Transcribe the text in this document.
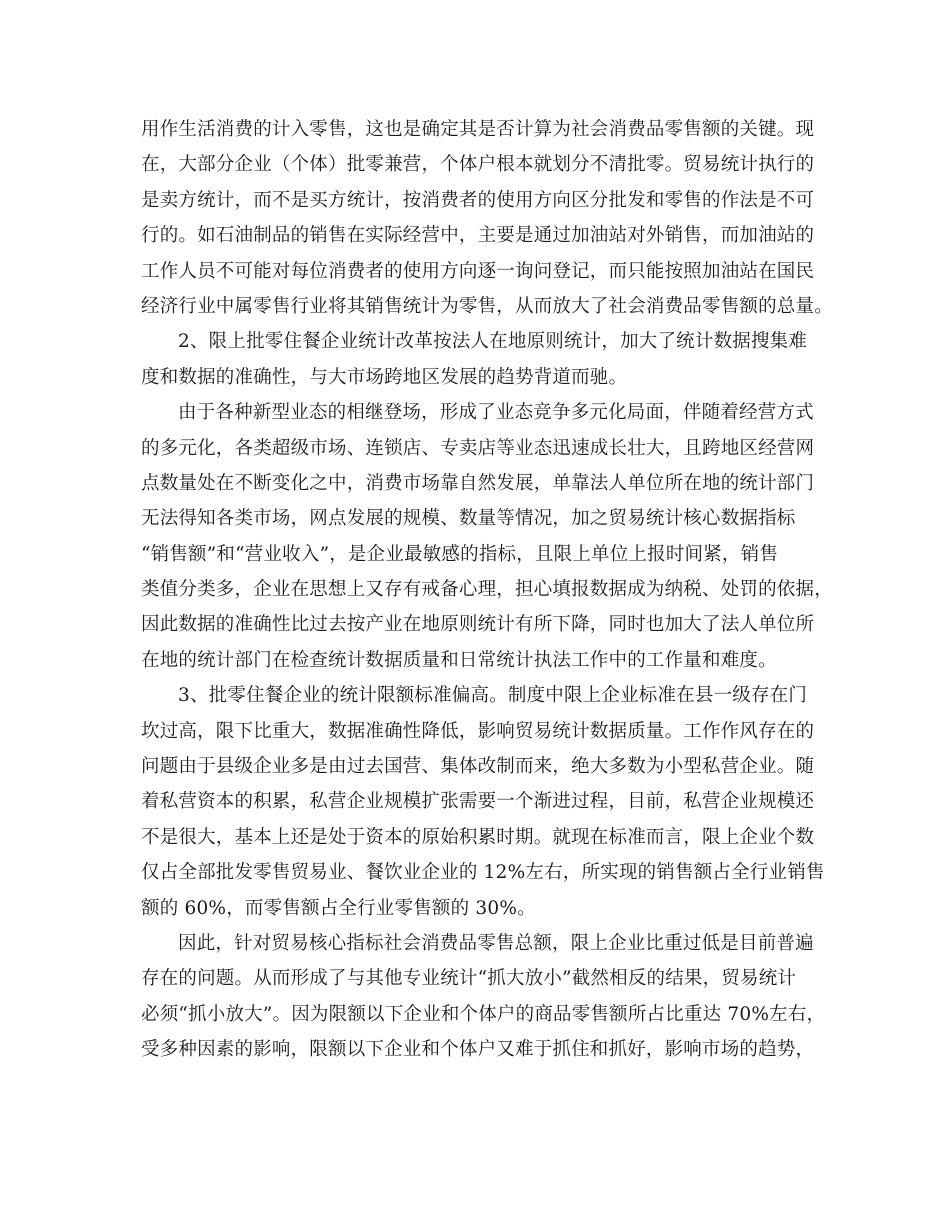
用作生活消费的计入零售，这也是确定其是否计算为社会消费品零售额的关键。现
在，大部分企业（个体）批零兼营，个体户根本就划分不清批零。贸易统计执行的
是卖方统计，而不是买方统计，按消费者的使用方向区分批发和零售的作法是不可
行的。如石油制品的销售在实际经营中，主要是通过加油站对外销售，而加油站的
工作人员不可能对每位消费者的使用方向逐一询问登记，而只能按照加油站在国民
经济行业中属零售行业将其销售统计为零售，从而放大了社会消费品零售额的总量。
2、限上批零住餐企业统计改革按法人在地原则统计，加大了统计数据搜集难
度和数据的准确性，与大市场跨地区发展的趋势背道而驰。
由于各种新型业态的相继登场，形成了业态竞争多元化局面，伴随着经营方式
的多元化，各类超级市场、连锁店、专卖店等业态迅速成长壮大，且跨地区经营网
点数量处在不断变化之中，消费市场靠自然发展，单靠法人单位所在地的统计部门
无法得知各类市场，网点发展的规模、数量等情况，加之贸易统计核心数据指标
“销售额”和“营业收入”，是企业最敏感的指标，且限上单位上报时间紧，销售
类值分类多，企业在思想上又存有戒备心理，担心填报数据成为纳税、处罚的依据，
因此数据的准确性比过去按产业在地原则统计有所下降，同时也加大了法人单位所
在地的统计部门在检查统计数据质量和日常统计执法工作中的工作量和难度。
3、批零住餐企业的统计限额标准偏高。制度中限上企业标准在县一级存在门
坎过高，限下比重大，数据准确性降低，影响贸易统计数据质量。工作作风存在的
问题由于县级企业多是由过去国营、集体改制而来，绝大多数为小型私营企业。随
着私营资本的积累，私营企业规模扩张需要一个渐进过程，目前，私营企业规模还
不是很大，基本上还是处于资本的原始积累时期。就现在标准而言，限上企业个数
仅占全部批发零售贸易业、餐饮业企业的 12%左右，所实现的销售额占全行业销售
额的 60%，而零售额占全行业零售额的 30%。
因此，针对贸易核心指标社会消费品零售总额，限上企业比重过低是目前普遍
存在的问题。从而形成了与其他专业统计“抓大放小”截然相反的结果，贸易统计
必须“抓小放大”。因为限额以下企业和个体户的商品零售额所占比重达 70%左右，
受多种因素的影响，限额以下企业和个体户又难于抓住和抓好，影响市场的趋势，
